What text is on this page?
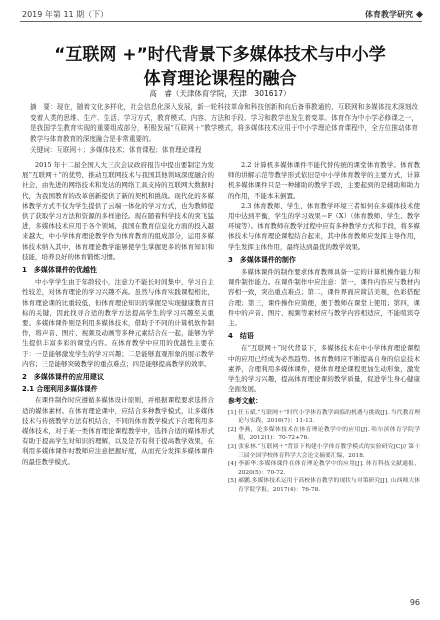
2019 年第 11 期（下）	体育教学研究
“互联网 +”时代背景下多媒体技术与中小学
体育理论课程的融合
高　睿（天津体育学院，天津　301617）
摘　要：现在，随着文化多样化，社会信息化深入发展，新一轮科技革命和科技创新和向后备事教通的，互联网和多媒体技术深刻改变着人类的思维、生产、生活、学习方式，教育模式、内容、方法和手段、学习和教学也发生着变革。体育作为中小学必修课之一，是我国学生教育实现的重要组成部分，积极发展“互联网＋”教学模式，将多媒体技术应用于中小学理论体育课程中，全方位推动体育教学与体育教育的深度融合是非常重要的。
关键词：互联网＋；多媒体技术；体育课程；体育理论课程

2015 年十二届全国人大三次会议政府报告中提出要制定为发展“互联网＋”的优势，推动互联网技术与我国其他领域深度融合的社会，由先进的网络技术和发达的网络工具支持的互联网大数据时代，为我国教育的改革创新提供了新的契机和挑战。现代化的多媒体教学方式不仅为学生提供了云端一体化的学习方式，也为教师提供了获取学习方法和资源的多样途径。现在随着科学技术的突飞猛进，多媒体技术应用于各个领域，我国在教育信息化方面的投入越来越大，中小学体育理论教学作为体育教育的组成部分，运用多媒体技术纳入其中，体育理论教学能够使学生掌握更多的体育知识和技能，培养良好的体育锻炼习惯。

1　多媒体课件的优越性

中小学学生由于年龄较小，注意力不能长时间集中，学习自主性较差，对体育理论的学习兴趣不高。虽然与体育实践课程相比，体育理论课的比重较低，但体育理论知识的掌握是实现健康教育目标的关键，因此找寻合适的教学方法提高学生的学习兴趣至关重要。多媒体课件则是利用多媒体技术，借助于不同的计算机软件制作，将声音、图片、视频及动画等多种元素结合在一起，能够为学生提供丰富多彩的课堂内容。在体育教学中应用的优越性主要在于：一是能够激发学生的学习兴趣；二是能够直观形象的展示教学内容；三是能够突破教学的重点难点；四是能够提高教学的效率。

2　多媒体课件的应用建议
2.1 合理利用多媒体课件

在课件制作时应遵循多媒体设计原则，并根据课程要求选择合适的媒体素材。在体育理论课中，应结合多种教学模式，让多媒体技术与传统教学方法有机结合，不同的体育教学模式下合理利用多媒体技术，对于某一类体育理论课程教学中，选择合适的媒体形式有助于提高学生对知识的理解，以及是否有利于提高教学效果，在利用多媒体课件时教师应注意把握好度，从而充分发挥多媒体课件的最佳教学模式。

2.2 计算机多媒体课件不能代替传统的课堂体育教学。体育教师的讲解示范等教学形式依旧是中小学体育教学的主要方式，计算机多媒体课件只是一种辅助的教学手段，主要起到的是辅助和助力的作用，不能本末倒置。

2.3 体育教师、学生、体育教学环境三者如何在多媒体技术使用中达到平衡，学生的学习效果＝F（X）（体育教师、学生、教学环境等）。体育教师在教学过程中应有多种教学方式和手段，将多媒体技术与体育理论课程结合起来，其中体育教师应发挥主导作用，学生发挥主体作用，最终达到最优的教学效果。

3　多媒体课件的制作

多媒体课件的制作要求体育教师具备一定的计算机操作能力和课件制作能力。在课件制作中应注意：第一，课件内容应与教材内容相一致，突出重点难点；第二，课件界面应简洁美观，色彩搭配合理；第三，课件操作应简便，便于教师在课堂上使用；第四，课件中的声音、图片、视频等素材应与教学内容相适应，不能喧宾夺主。

4　结语

在“互联网＋”时代背景下，多媒体技术在中小学体育理论课程中的应用已经成为必然趋势。体育教师应不断提高自身的信息技术素养，合理利用多媒体课件，使体育理论课程更加生动形象，激发学生的学习兴趣，提高体育理论课的教学质量，促进学生身心健康全面发展。

参考文献：
[1] 任玉斌.“互联网＋”时代小学体育教学面临的机遇与挑战[J]. 当代教育理论与实践，2016(7)：11-13.
[2] 李燕，论多媒体技术在体育理论教学中的应用[J]. 哈尔滨体育学院学报，2012(1)：70-72+76.
[3] 张家林.“互联网＋”背景下构建小学体育教学模式的实验研究[C]// 第十三届全国学校体育科学大会论文摘要汇编，2018.
[4] 李新华.多媒体课件在体育理论教学中的应用[J]. 体育科技文献通报，2020(5)：70-72.
[5] 郝鹏.多媒体技术运用于高校体育教学的现状与对策研究[J]. 山西师大体育学院学报，2017(4)：76-78.
96
